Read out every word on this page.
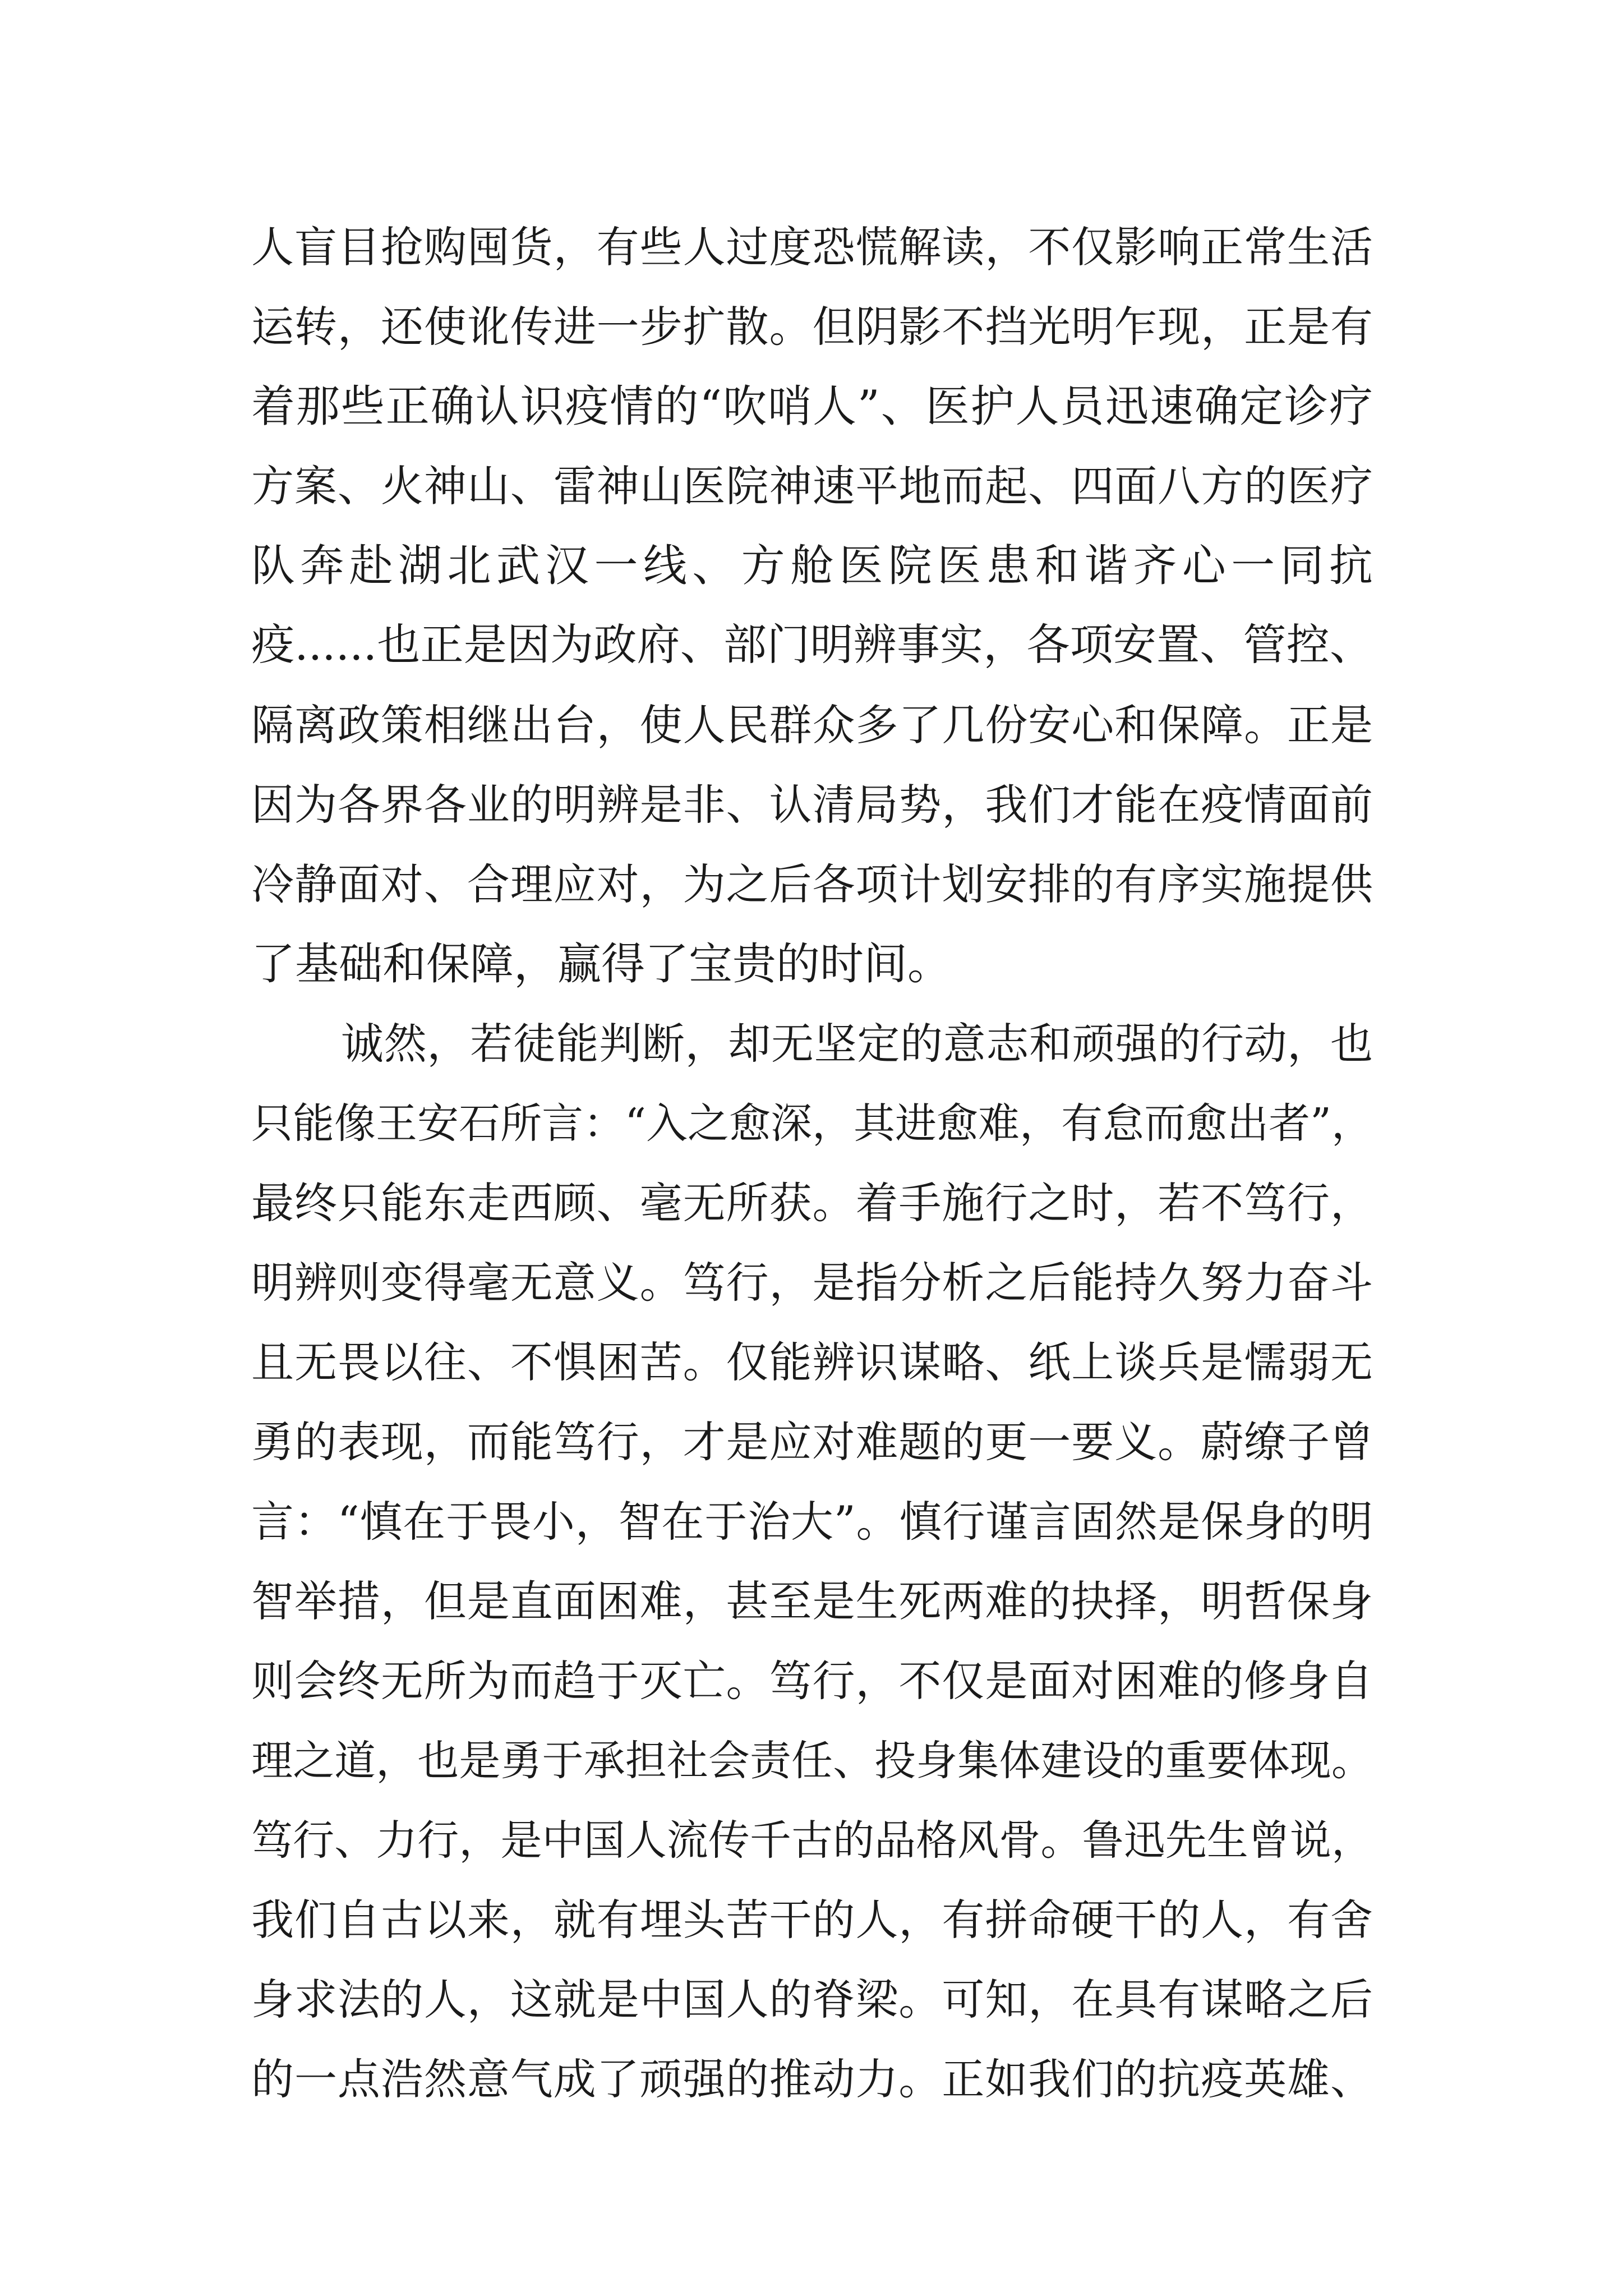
人盲目抢购囤货，有些人过度恐慌解读，不仅影响正常生活
运转，还使讹传进一步扩散。但阴影不挡光明乍现，正是有
着那些正确认识疫情的“吹哨人”、医护人员迅速确定诊疗
方案、火神山、雷神山医院神速平地而起、四面八方的医疗
队奔赴湖北武汉一线、方舱医院医患和谐齐心一同抗
疫......也正是因为政府、部门明辨事实，各项安置、管控、
隔离政策相继出台，使人民群众多了几份安心和保障。正是
因为各界各业的明辨是非、认清局势，我们才能在疫情面前
冷静面对、合理应对，为之后各项计划安排的有序实施提供
了基础和保障，赢得了宝贵的时间。
诚然，若徒能判断，却无坚定的意志和顽强的行动，也
只能像王安石所言：“入之愈深，其进愈难，有怠而愈出者”，
最终只能东走西顾、毫无所获。着手施行之时，若不笃行，
明辨则变得毫无意义。笃行，是指分析之后能持久努力奋斗
且无畏以往、不惧困苦。仅能辨识谋略、纸上谈兵是懦弱无
勇的表现，而能笃行，才是应对难题的更一要义。蔚缭子曾
言：“慎在于畏小，智在于治大”。慎行谨言固然是保身的明
智举措，但是直面困难，甚至是生死两难的抉择，明哲保身
则会终无所为而趋于灭亡。笃行，不仅是面对困难的修身自
理之道，也是勇于承担社会责任、投身集体建设的重要体现。
笃行、力行，是中国人流传千古的品格风骨。鲁迅先生曾说，
我们自古以来，就有埋头苦干的人，有拼命硬干的人，有舍
身求法的人，这就是中国人的脊梁。可知，在具有谋略之后
的一点浩然意气成了顽强的推动力。正如我们的抗疫英雄、
